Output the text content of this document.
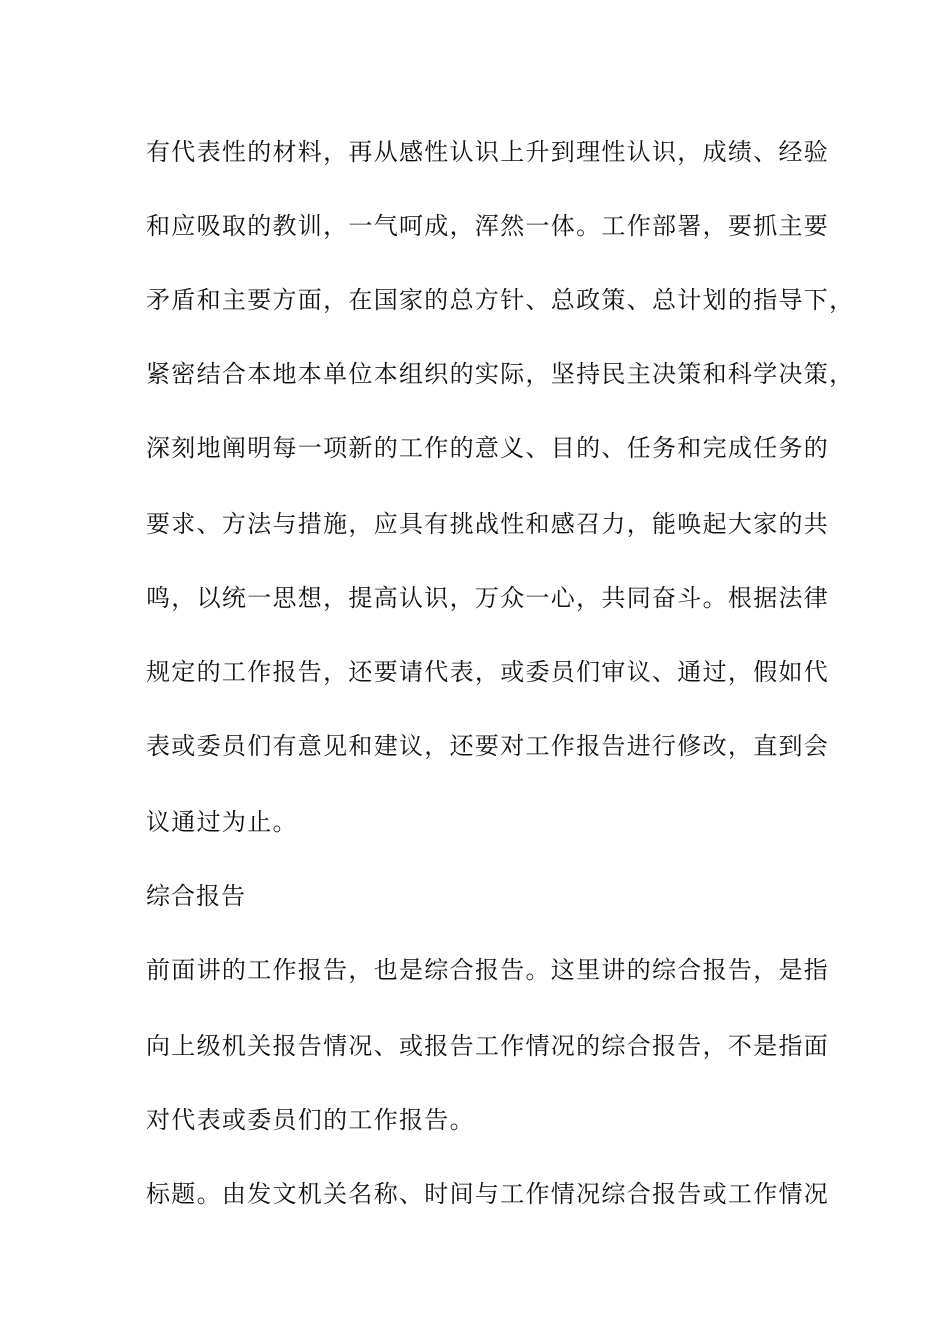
有代表性的材料，再从感性认识上升到理性认识，成绩、经验

和应吸取的教训，一气呵成，浑然一体。工作部署，要抓主要

矛盾和主要方面，在国家的总方针、总政策、总计划的指导下，

紧密结合本地本单位本组织的实际，坚持民主决策和科学决策，

深刻地阐明每一项新的工作的意义、目的、任务和完成任务的

要求、方法与措施，应具有挑战性和感召力，能唤起大家的共

鸣，以统一思想，提高认识，万众一心，共同奋斗。根据法律

规定的工作报告，还要请代表，或委员们审议、通过，假如代

表或委员们有意见和建议，还要对工作报告进行修改，直到会

议通过为止。

综合报告

前面讲的工作报告，也是综合报告。这里讲的综合报告，是指

向上级机关报告情况、或报告工作情况的综合报告，不是指面

对代表或委员们的工作报告。

标题。由发文机关名称、时间与工作情况综合报告或工作情况
